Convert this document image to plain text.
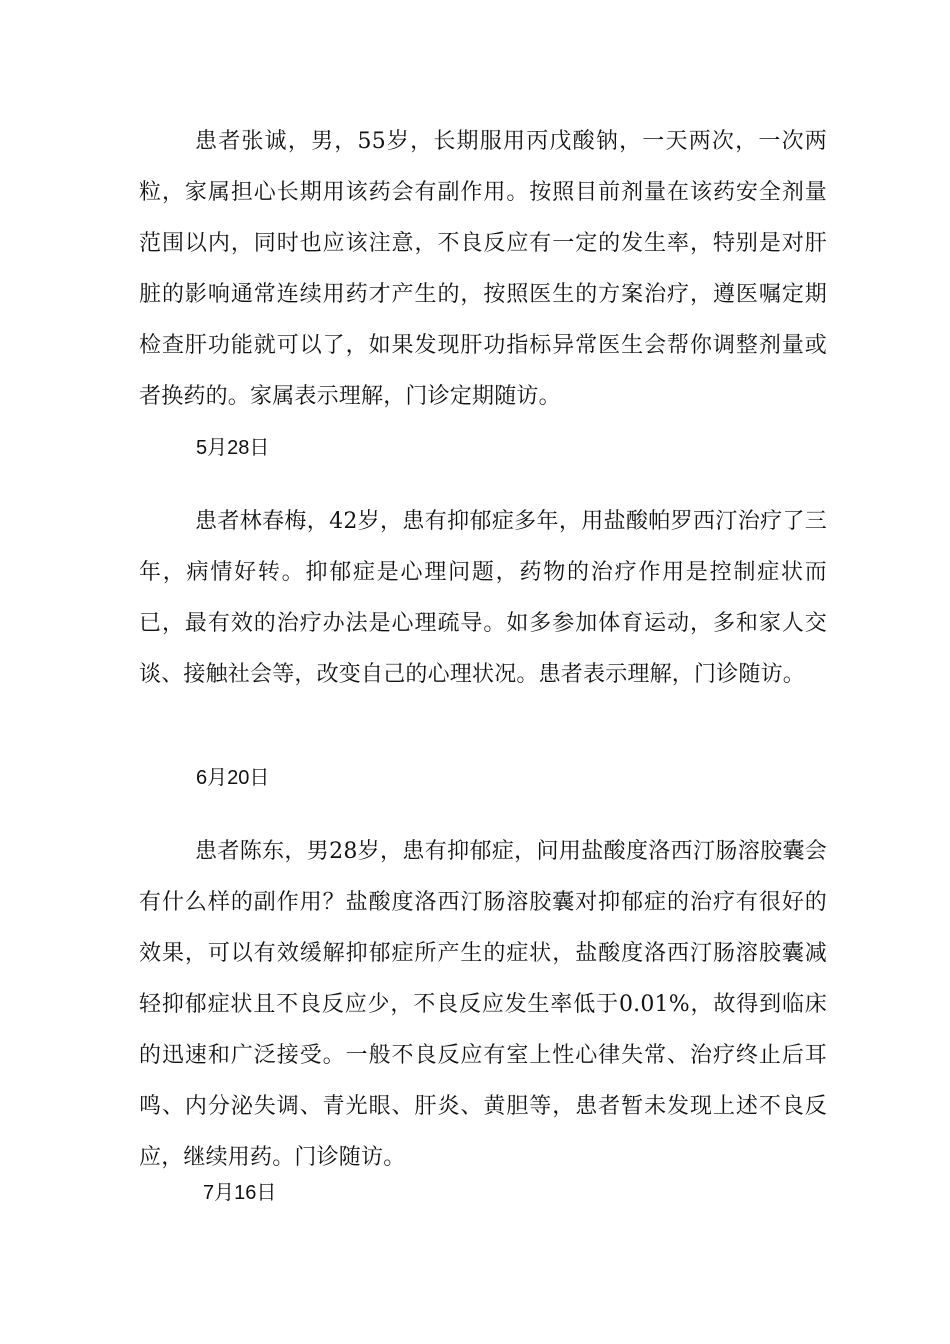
患者张诚，男，55岁，长期服用丙戊酸钠，一天两次，一次两粒，家属担心长期用该药会有副作用。按照目前剂量在该药安全剂量范围以内，同时也应该注意，不良反应有一定的发生率，特别是对肝脏的影响通常连续用药才产生的，按照医生的方案治疗，遵医嘱定期检查肝功能就可以了，如果发现肝功指标异常医生会帮你调整剂量或者换药的。家属表示理解，门诊定期随访。

5月28日

患者林春梅，42岁，患有抑郁症多年，用盐酸帕罗西汀治疗了三年，病情好转。抑郁症是心理问题，药物的治疗作用是控制症状而已，最有效的治疗办法是心理疏导。如多参加体育运动，多和家人交谈、接触社会等，改变自己的心理状况。患者表示理解，门诊随访。

6月20日

患者陈东，男28岁，患有抑郁症，问用盐酸度洛西汀肠溶胶囊会有什么样的副作用？盐酸度洛西汀肠溶胶囊对抑郁症的治疗有很好的效果，可以有效缓解抑郁症所产生的症状，盐酸度洛西汀肠溶胶囊减轻抑郁症状且不良反应少，不良反应发生率低于0.01%，故得到临床的迅速和广泛接受。一般不良反应有室上性心律失常、治疗终止后耳鸣、内分泌失调、青光眼、肝炎、黄胆等，患者暂未发现上述不良反应，继续用药。门诊随访。

7月16日
